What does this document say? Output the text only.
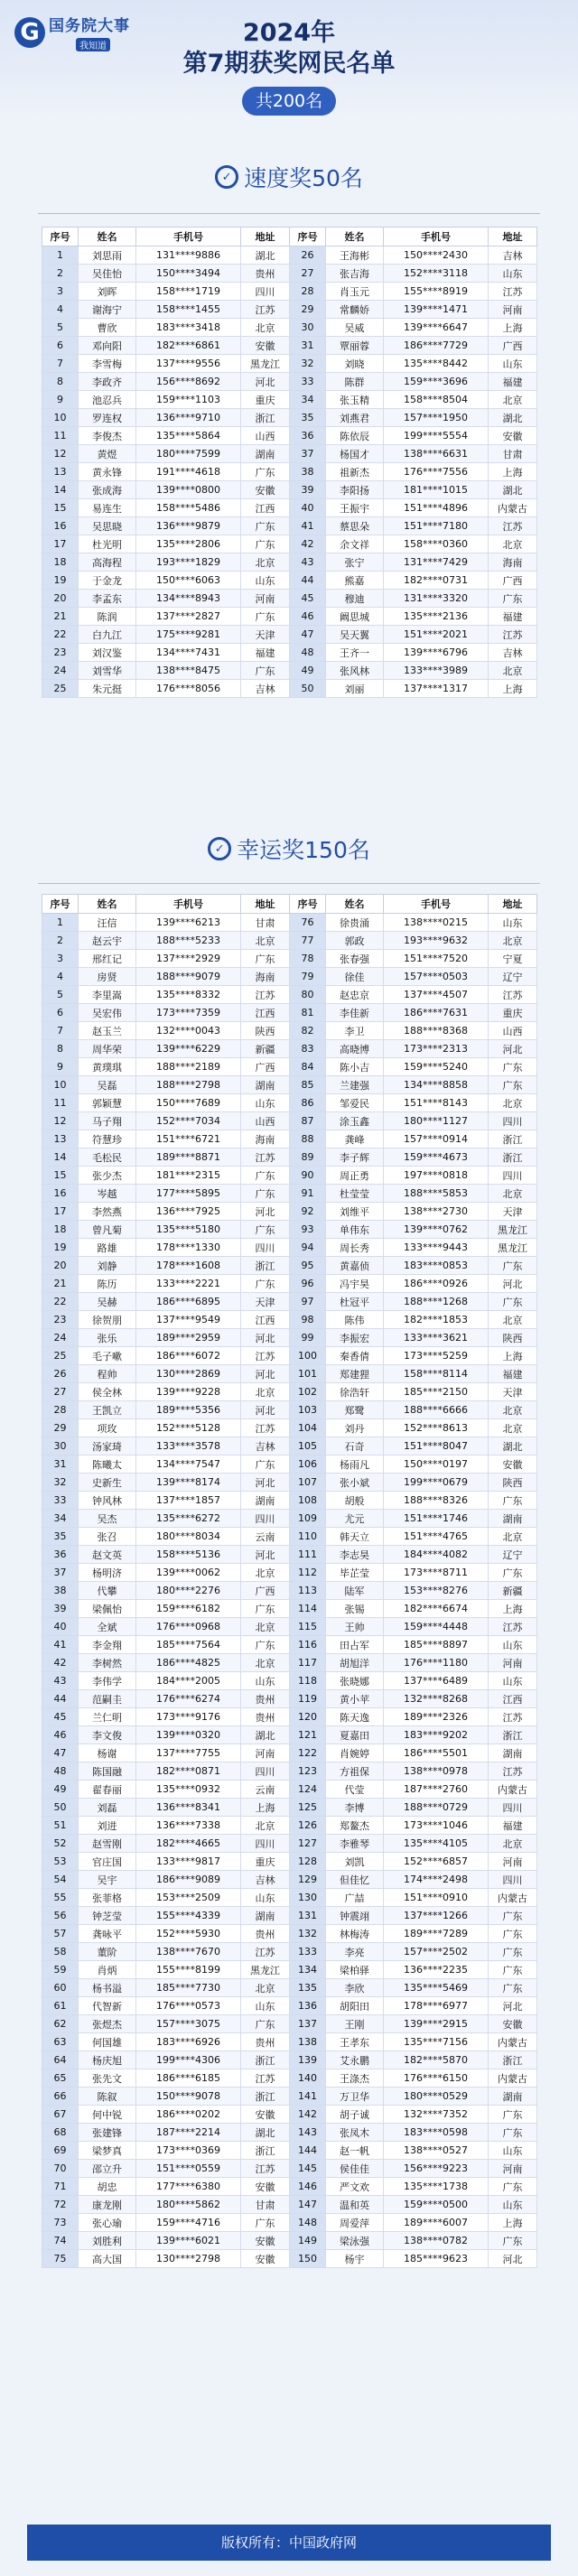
G 国务院大事
我知道	2024年
第7期获奖网民名单
共200名
✓ 速度奖50名
序号	姓名	手机号	地址	序号	姓名	手机号	地址
1	刘思雨	131****9886	湖北	26	王海彬	150****2430	吉林
2	吴佳怡	150****3494	贵州	27	张吉海	152****3118	山东
3	刘晖	158****1719	四川	28	肖玉元	155****8919	江苏
4	谢海宁	158****1455	江苏	29	常麟娇	139****1471	河南
5	曹欣	183****3418	北京	30	吴威	139****6647	上海
6	邓向阳	182****6861	安徽	31	覃丽蓉	186****7729	广西
7	李雪梅	137****9556	黑龙江	32	刘晓	135****8442	山东
8	李政齐	156****8692	河北	33	陈群	159****3696	福建
9	池忍兵	159****1103	重庆	34	张玉精	158****8504	北京
10	罗连权	136****9710	浙江	35	刘燕君	157****1950	湖北
11	李俊杰	135****5864	山西	36	陈依辰	199****5554	安徽
12	黄煜	180****7599	湖南	37	杨国才	138****6631	甘肃
13	黄永锋	191****4618	广东	38	祖新杰	176****7556	上海
14	张成海	139****0800	安徽	39	李阳扬	181****1015	湖北
15	易连生	158****5486	江西	40	王振宇	151****4896	内蒙古
16	吴思晓	136****9879	广东	41	蔡思朵	151****7180	江苏
17	杜光明	135****2806	广东	42	余文祥	158****0360	北京
18	高海程	193****1829	北京	43	张宁	131****7429	海南
19	于金龙	150****6063	山东	44	熊嘉	182****0731	广西
20	李孟东	134****8943	河南	45	穆迪	131****3320	广东
21	陈润	137****2827	广东	46	阚思城	135****2136	福建
22	白九江	175****9281	天津	47	吴天翼	151****2021	江苏
23	刘汉鉴	134****7431	福建	48	王齐一	139****6796	吉林
24	刘雪华	138****8475	广东	49	张风林	133****3989	北京
25	朱元挺	176****8056	吉林	50	刘丽	137****1317	上海
✓ 幸运奖150名
序号	姓名	手机号	地址	序号	姓名	手机号	地址
1	汪信	139****6213	甘肃	76	徐贵涌	138****0215	山东
2	赵云宇	188****5233	北京	77	郭政	193****9632	北京
3	邢红记	137****2929	广东	78	张春强	151****7520	宁夏
4	房贤	188****9079	海南	79	徐佳	157****0503	辽宁
5	李里嵩	135****8332	江苏	80	赵忠京	137****4507	江苏
6	吴宏伟	173****7359	江西	81	李佳新	186****7631	重庆
7	赵玉兰	132****0043	陕西	82	李卫	188****8368	山西
8	周华荣	139****6229	新疆	83	高晓博	173****2313	河北
9	黄璞琪	188****2189	广西	84	陈小吉	159****5240	广东
10	吴磊	188****2798	湖南	85	兰建强	134****8858	广东
11	郭颖慧	150****7689	山东	86	邹爱民	151****8143	北京
12	马子翔	152****7034	山西	87	涂玉鑫	180****1127	四川
13	符慧珍	151****6721	海南	88	龚峰	157****0914	浙江
14	毛松民	189****8871	江苏	89	李子辉	159****4673	浙江
15	张少杰	181****2315	广东	90	周正勇	197****0818	四川
16	岑越	177****5895	广东	91	杜莹莹	188****5853	北京
17	李然燕	136****7925	河北	92	刘维平	138****2730	天津
18	曾凡菊	135****5180	广东	93	单伟东	139****0762	黑龙江
19	路雄	178****1330	四川	94	周长秀	133****9443	黑龙江
20	刘静	178****1608	浙江	95	黄嘉侦	183****0853	广东
21	陈历	133****2221	广东	96	冯宇昊	186****0926	河北
22	吴赫	186****6895	天津	97	杜冠平	188****1268	广东
23	徐贺朋	137****9549	江西	98	陈伟	182****1853	北京
24	张乐	189****2959	河北	99	李振宏	133****3621	陕西
25	毛子嗽	186****6072	江苏	100	秦香倩	173****5259	上海
26	程帅	130****2869	河北	101	郑建狸	158****8114	福建
27	侯全林	139****9228	北京	102	徐浩轩	185****2150	天津
28	王凯立	189****5356	河北	103	郑鹭	188****6666	北京
29	项玫	152****5128	江苏	104	刘丹	152****8613	北京
30	汤家琦	133****3578	吉林	105	石奇	151****8047	湖北
31	陈曦太	134****7547	广东	106	杨雨凡	150****0197	安徽
32	史新生	139****8174	河北	107	张小斌	199****0679	陕西
33	钟风林	137****1857	湖南	108	胡般	188****8326	广东
34	吴杰	135****6272	四川	109	尤元	151****1746	湖南
35	张召	180****8034	云南	110	韩天立	151****4765	北京
36	赵文英	158****5136	河北	111	李志昊	184****4082	辽宁
37	杨明济	139****0062	北京	112	毕芷莹	173****8711	广东
38	代攀	180****2276	广西	113	陆军	153****8276	新疆
39	梁佩怡	159****6182	广东	114	张锡	182****6674	上海
40	全斌	176****0968	北京	115	王帅	159****4448	江苏
41	李金翔	185****7564	广东	116	田占军	185****8897	山东
42	李树然	186****4825	北京	117	胡旭洋	176****1180	河南
43	李伟学	184****2005	山东	118	张晓娜	137****6489	山东
44	范嗣圭	176****6274	贵州	119	黄小苹	132****8268	江西
45	兰仁明	173****9176	贵州	120	陈天逸	189****2326	江苏
46	李文俊	139****0320	湖北	121	夏嘉田	183****9202	浙江
47	杨谢	137****7755	河南	122	肖婉婷	186****5501	湖南
48	陈国融	182****0871	四川	123	方祖保	138****0978	江苏
49	翟春丽	135****0932	云南	124	代莹	187****2760	内蒙古
50	刘磊	136****8341	上海	125	李博	188****0729	四川
51	刘进	136****7338	北京	126	郑鳌杰	173****1046	福建
52	赵雪刚	182****4665	四川	127	李雅琴	135****4105	北京
53	官庄国	133****9817	重庆	128	刘凯	152****6857	河南
54	吴宇	186****9089	吉林	129	但佳忆	174****2498	四川
55	张菲格	153****2509	山东	130	广喆	151****0910	内蒙古
56	钟芝莹	155****4339	湖南	131	钟震翊	137****1266	广东
57	龚咏平	152****5930	贵州	132	林梅涛	189****7289	广东
58	董阶	138****7670	江苏	133	李亮	157****2502	广东
59	肖炳	155****8199	黑龙江	134	梁柏驿	136****2235	广东
60	杨书溢	185****7730	北京	135	李欣	135****5469	广东
61	代智新	176****0573	山东	136	胡阳田	178****6977	河北
62	张煜杰	157****3075	广东	137	王刚	139****2915	安徽
63	何国雄	183****6926	贵州	138	王孝东	135****7156	内蒙古
64	杨庆旭	199****4306	浙江	139	艾永鹏	182****5870	浙江
65	张先文	186****6185	江苏	140	王涤杰	176****6150	内蒙古
66	陈叙	150****9078	浙江	141	万卫华	180****0529	湖南
67	何中锐	186****0202	安徽	142	胡子诚	132****7352	广东
68	张建锋	187****2214	湖北	143	张凤木	183****0598	广东
69	梁梦真	173****0369	浙江	144	赵一帆	138****0527	山东
70	邵立升	151****0559	江苏	145	侯佳佳	156****9223	河南
71	胡忠	177****6380	安徽	146	严文欢	135****1738	广东
72	康龙刚	180****5862	甘肃	147	温和英	159****0500	山东
73	张心瑜	159****4716	广东	148	周爱萍	189****6007	上海
74	刘胜利	139****6021	安徽	149	梁泳强	138****0782	广东
75	高大国	130****2798	安徽	150	杨宇	185****9623	河北
版权所有：中国政府网
